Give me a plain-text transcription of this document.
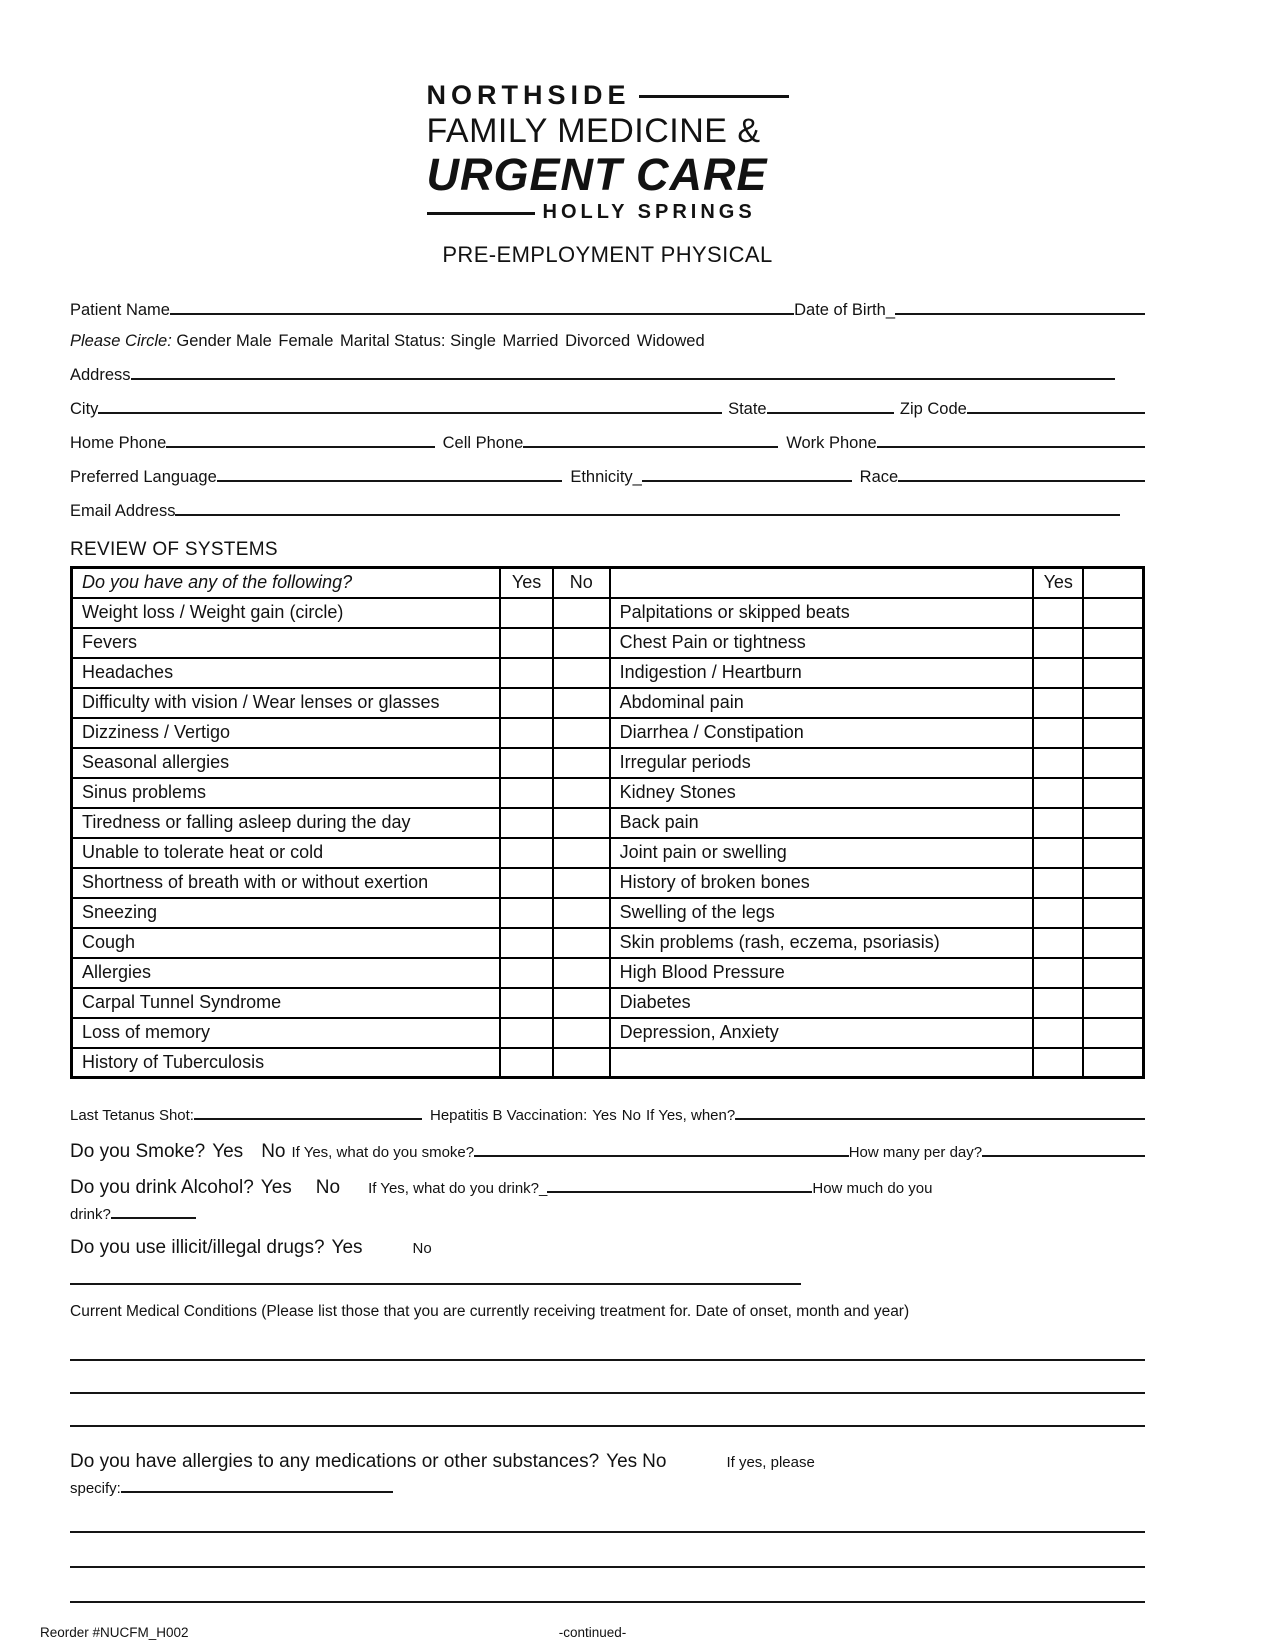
NORTHSIDE
FAMILY MEDICINE &
URGENT CARE
HOLLY SPRINGS
PRE-EMPLOYMENT PHYSICAL
Patient Name	Date of Birth_
Please Circle: Gender Male Female Marital Status: Single Married Divorced Widowed
Address
City	State	Zip Code
Home Phone	Cell Phone	Work Phone
Preferred Language	Ethnicity_	Race
Email Address
REVIEW OF SYSTEMS
Do you have any of the following?	Yes	No		Yes	
Weight loss / Weight gain (circle)			Palpitations or skipped beats		
Fevers			Chest Pain or tightness		
Headaches			Indigestion / Heartburn		
Difficulty with vision / Wear lenses or glasses			Abdominal pain		
Dizziness / Vertigo			Diarrhea / Constipation		
Seasonal allergies			Irregular periods		
Sinus problems			Kidney Stones		
Tiredness or falling asleep during the day			Back pain		
Unable to tolerate heat or cold			Joint pain or swelling		
Shortness of breath with or without exertion			History of broken bones		
Sneezing			Swelling of the legs		
Cough			Skin problems (rash, eczema, psoriasis)		
Allergies			High Blood Pressure		
Carpal Tunnel Syndrome			Diabetes		
Loss of memory			Depression, Anxiety		
History of Tuberculosis					
Last Tetanus Shot:	Hepatitis B Vaccination: Yes No If Yes, when?
Do you Smoke? Yes No If Yes, what do you smoke?	How many per day?
Do you drink Alcohol? Yes No If Yes, what do you drink?_	How much do you
drink?
Do you use illicit/illegal drugs? Yes	No
Current Medical Conditions (Please list those that you are currently receiving treatment for. Date of onset, month and year)
Do you have allergies to any medications or other substances? Yes No	If yes, please
specify:
Reorder #NUCFM_H002	-continued-
